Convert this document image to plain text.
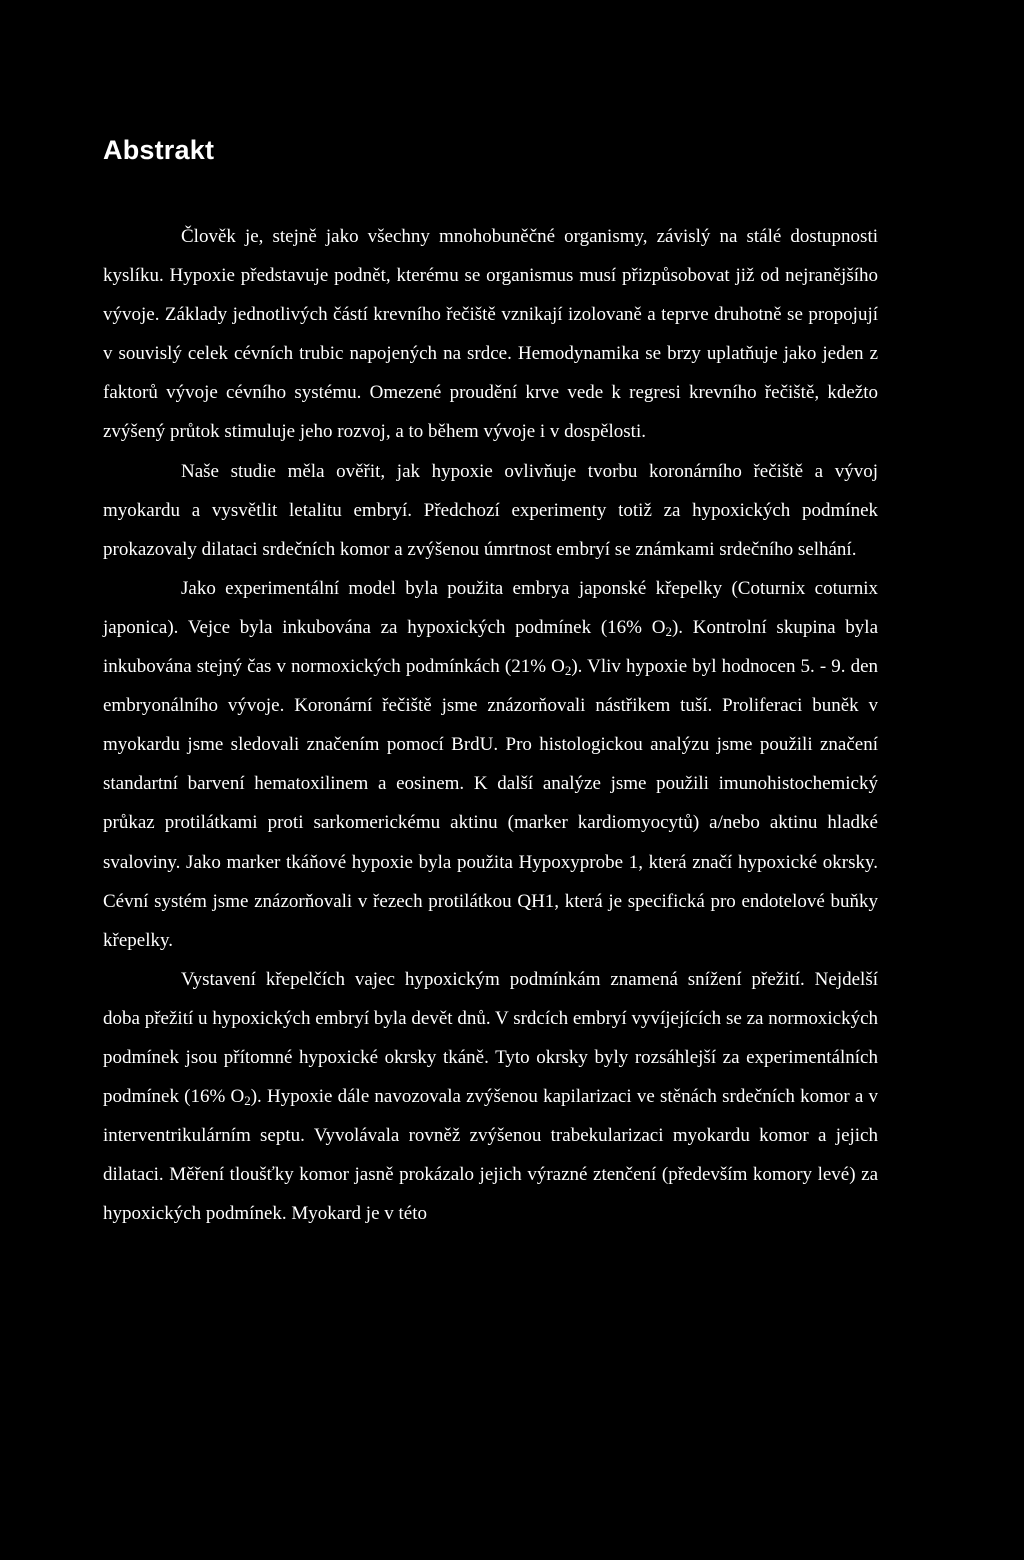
Abstrakt

Člověk je, stejně jako všechny mnohobuněčné organismy, závislý na stálé dostupnosti kyslíku. Hypoxie představuje podnět, kterému se organismus musí přizpůsobovat již od nejranějšího vývoje. Základy jednotlivých částí krevního řečiště vznikají izolovaně a teprve druhotně se propojují v souvislý celek cévních trubic napojených na srdce. Hemodynamika se brzy uplatňuje jako jeden z faktorů vývoje cévního systému. Omezené proudění krve vede k regresi krevního řečiště, kdežto zvýšený průtok stimuluje jeho rozvoj, a to během vývoje i v dospělosti.

Naše studie měla ověřit, jak hypoxie ovlivňuje tvorbu koronárního řečiště a vývoj myokardu a vysvětlit letalitu embryí. Předchozí experimenty totiž za hypoxických podmínek prokazovaly dilataci srdečních komor a zvýšenou úmrtnost embryí se známkami srdečního selhání.

Jako experimentální model byla použita embrya japonské křepelky (Coturnix coturnix japonica). Vejce byla inkubována za hypoxických podmínek (16% $O_2$). Kontrolní skupina byla inkubována stejný čas v normoxických podmínkách (21% $O_2$). Vliv hypoxie byl hodnocen 5. - 9. den embryonálního vývoje. Koronární řečiště jsme znázorňovali nástřikem tuší. Proliferaci buněk v myokardu jsme sledovali značením pomocí BrdU. Pro histologickou analýzu jsme použili značení standartní barvení hematoxilinem a eosinem. K další analýze jsme použili imunohistochemický průkaz protilátkami proti sarkomerickému aktinu (marker kardiomyocytů) a/nebo aktinu hladké svaloviny. Jako marker tkáňové hypoxie byla použita Hypoxyprobe 1, která značí hypoxické okrsky. Cévní systém jsme znázorňovali v řezech protilátkou QH1, která je specifická pro endotelové buňky křepelky.

Vystavení křepelčích vajec hypoxickým podmínkám znamená snížení přežití. Nejdelší doba přežití u hypoxických embryí byla devět dnů. V srdcích embryí vyvíjejících se za normoxických podmínek jsou přítomné hypoxické okrsky tkáně. Tyto okrsky byly rozsáhlejší za experimentálních podmínek (16% $O_2$). Hypoxie dále navozovala zvýšenou kapilarizaci ve stěnách srdečních komor a v interventrikulárním septu. Vyvolávala rovněž zvýšenou trabekularizaci myokardu komor a jejich dilataci. Měření tloušťky komor jasně prokázalo jejich výrazné ztenčení (především komory levé) za hypoxických podmínek. Myokard je v této
